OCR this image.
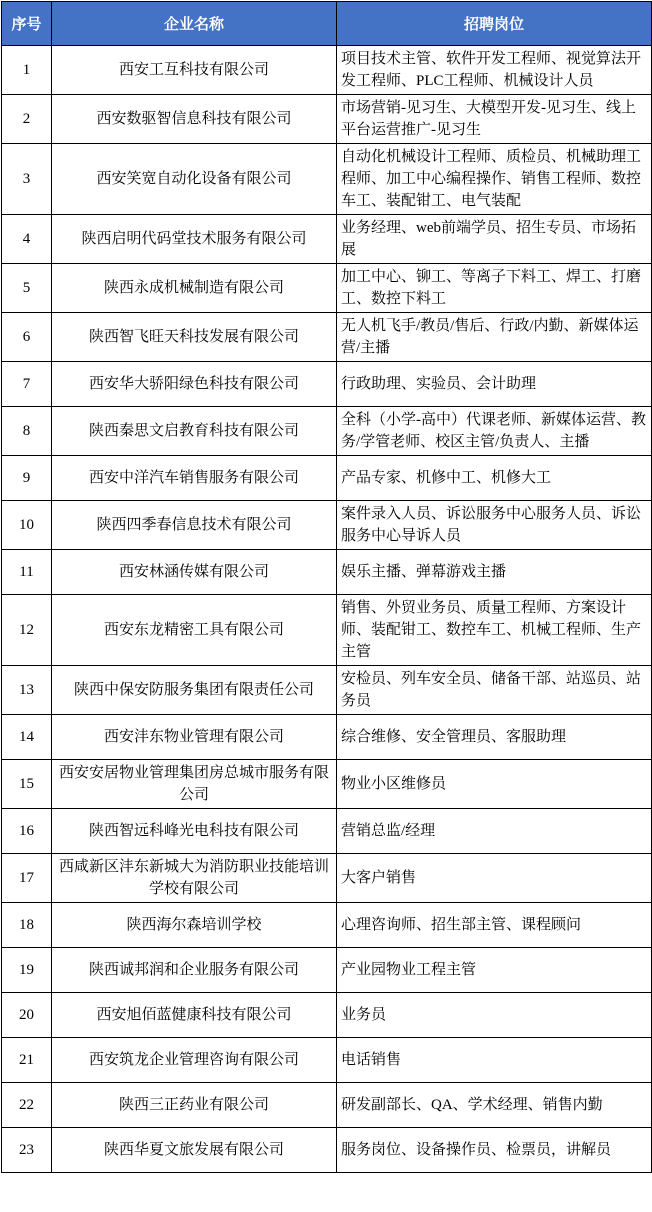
序号	企业名称	招聘岗位
1	西安工互科技有限公司	项目技术主管、软件开发工程师、视觉算法开发工程师、PLC工程师、机械设计人员
2	西安数驱智信息科技有限公司	市场营销-见习生、大模型开发-见习生、线上平台运营推广-见习生
3	西安笑宽自动化设备有限公司	自动化机械设计工程师、质检员、机械助理工程师、加工中心编程操作、销售工程师、数控车工、装配钳工、电气装配
4	陕西启明代码堂技术服务有限公司	业务经理、web前端学员、招生专员、市场拓展
5	陕西永成机械制造有限公司	加工中心、铆工、等离子下料工、焊工、打磨工、数控下料工
6	陕西智飞旺天科技发展有限公司	无人机飞手/教员/售后、行政/内勤、新媒体运营/主播
7	西安华大骄阳绿色科技有限公司	行政助理、实验员、会计助理
8	陕西秦思文启教育科技有限公司	全科（小学-高中）代课老师、新媒体运营、教务/学管老师、校区主管/负责人、主播
9	西安中洋汽车销售服务有限公司	产品专家、机修中工、机修大工
10	陕西四季春信息技术有限公司	案件录入人员、诉讼服务中心服务人员、诉讼服务中心导诉人员
11	西安林涵传媒有限公司	娱乐主播、弹幕游戏主播
12	西安东龙精密工具有限公司	销售、外贸业务员、质量工程师、方案设计师、装配钳工、数控车工、机械工程师、生产主管
13	陕西中保安防服务集团有限责任公司	安检员、列车安全员、储备干部、站巡员、站务员
14	西安沣东物业管理有限公司	综合维修、安全管理员、客服助理
15	西安安居物业管理集团房总城市服务有限公司	物业小区维修员
16	陕西智远科峰光电科技有限公司	营销总监/经理
17	西咸新区沣东新城大为消防职业技能培训学校有限公司	大客户销售
18	陕西海尔森培训学校	心理咨询师、招生部主管、课程顾问
19	陕西诚邦润和企业服务有限公司	产业园物业工程主管
20	西安旭佰蓝健康科技有限公司	业务员
21	西安筑龙企业管理咨询有限公司	电话销售
22	陕西三正药业有限公司	研发副部长、QA、学术经理、销售内勤
23	陕西华夏文旅发展有限公司	服务岗位、设备操作员、检票员，讲解员
